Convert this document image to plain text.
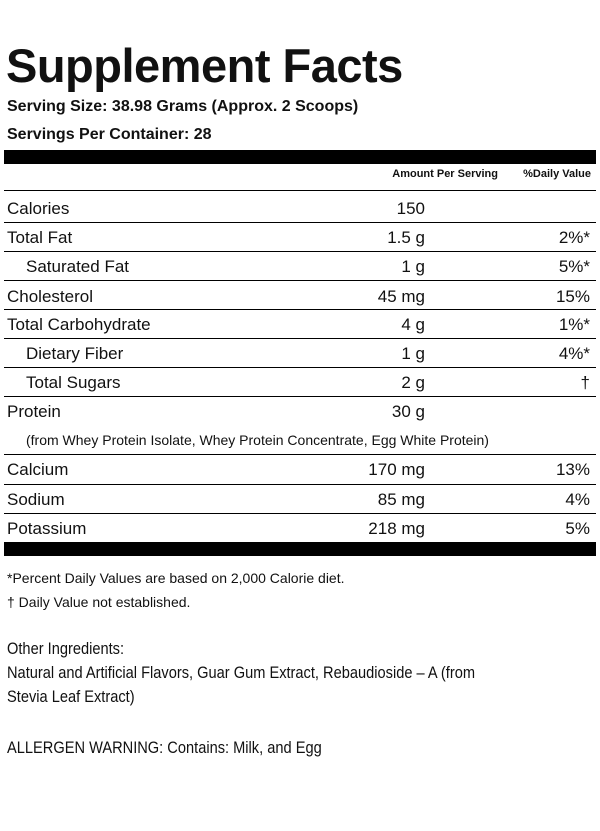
Supplement Facts
Serving Size: 38.98 Grams (Approx. 2 Scoops)
Servings Per Container: 28
Amount Per Serving %Daily Value
Calories	150
Total Fat	1.5 g	2%*
Saturated Fat	1 g	5%*
Cholesterol	45 mg	15%
Total Carbohydrate	4 g	1%*
Dietary Fiber	1 g	4%*
Total Sugars	2 g	†
Protein	30 g
(from Whey Protein Isolate, Whey Protein Concentrate, Egg White Protein)
Calcium	170 mg	13%
Sodium	85 mg	4%
Potassium	218 mg	5%
*Percent Daily Values are based on 2,000 Calorie diet.
† Daily Value not established.
Other Ingredients:
Natural and Artificial Flavors, Guar Gum Extract, Rebaudioside – A (from
Stevia Leaf Extract)
ALLERGEN WARNING: Contains: Milk, and Egg
